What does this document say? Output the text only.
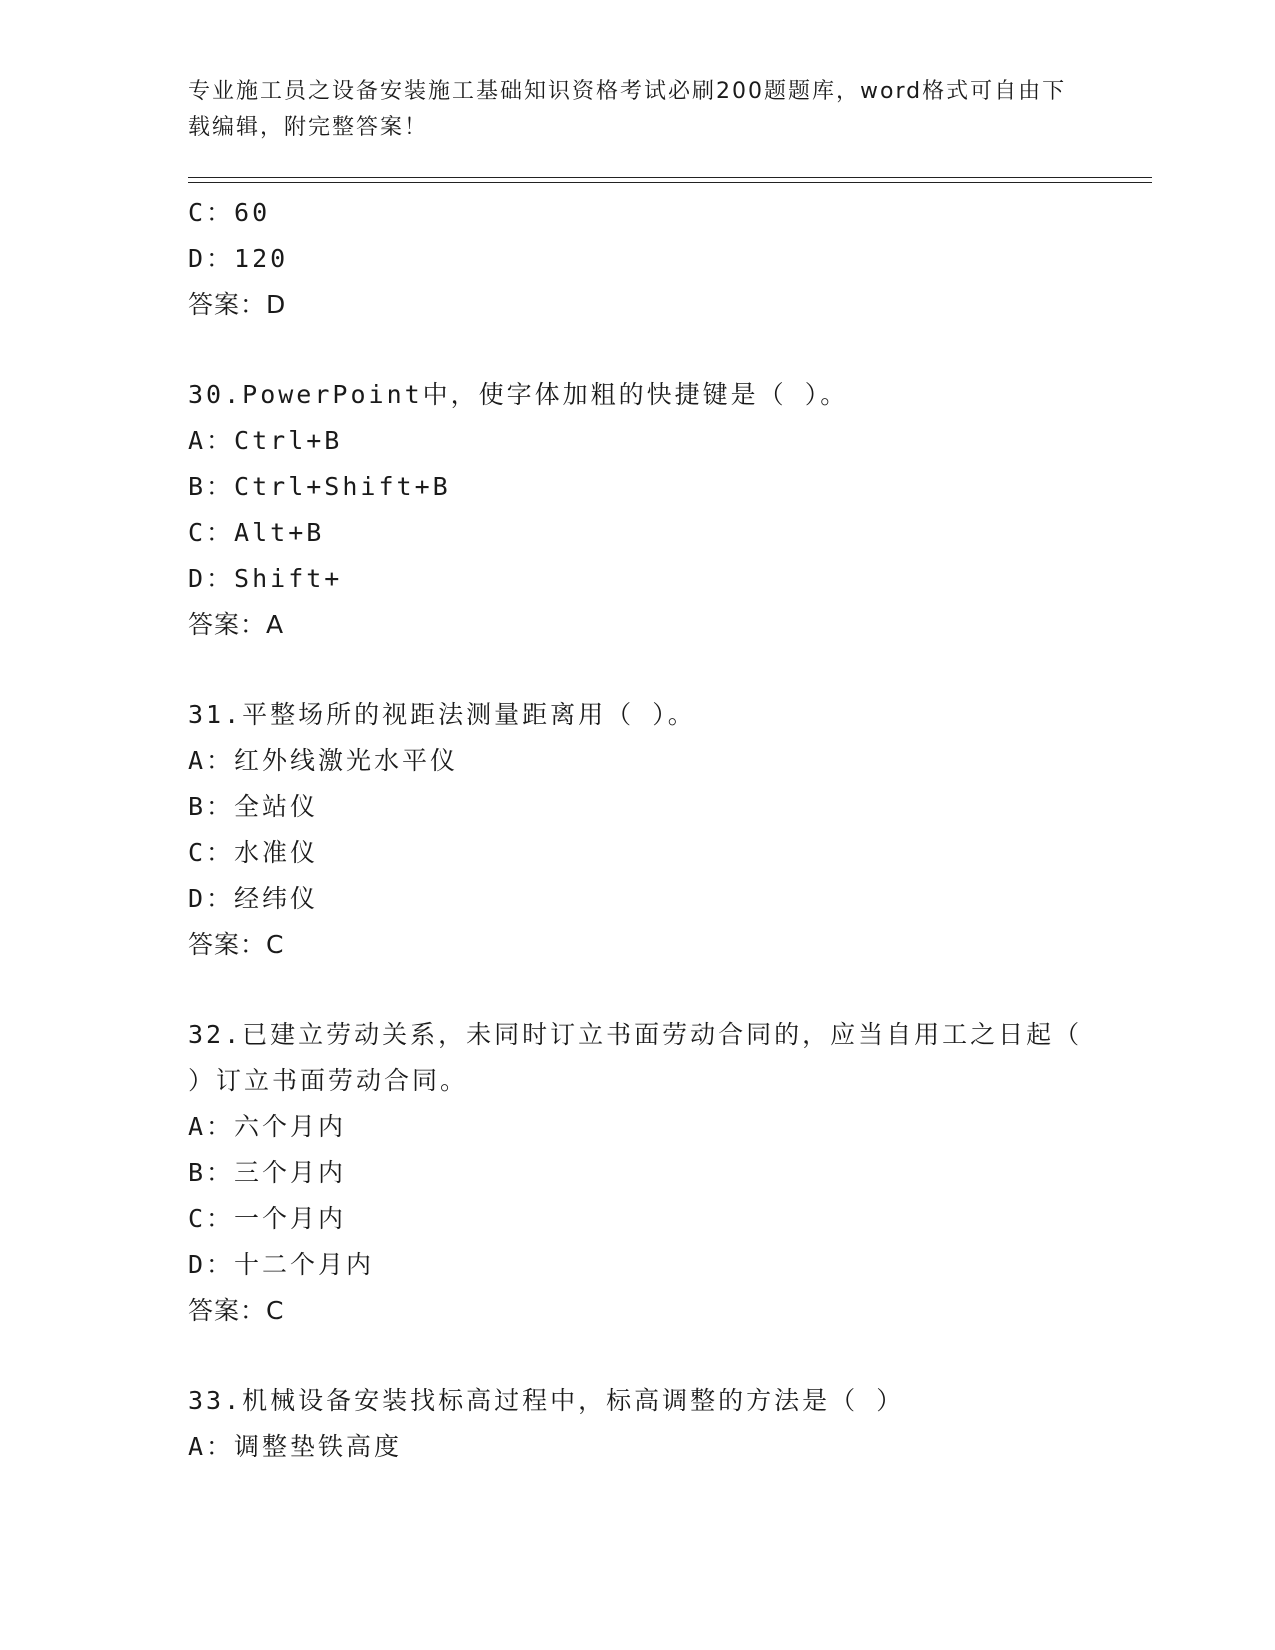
专业施工员之设备安装施工基础知识资格考试必刷200题题库，word格式可自由下载编辑，附完整答案！
C：60
D：120
答案：D
30.PowerPoint中，使字体加粗的快捷键是（ ）。
A：Ctrl+B
B：Ctrl+Shift+B
C：Alt+B
D：Shift+
答案：A
31.平整场所的视距法测量距离用（ ）。
A：红外线激光水平仪
B：全站仪
C：水准仪
D：经纬仪
答案：C
32.已建立劳动关系，未同时订立书面劳动合同的，应当自用工之日起（ ）订立书面劳动合同。
A：六个月内
B：三个月内
C：一个月内
D：十二个月内
答案：C
33.机械设备安装找标高过程中，标高调整的方法是（ ）
A：调整垫铁高度
